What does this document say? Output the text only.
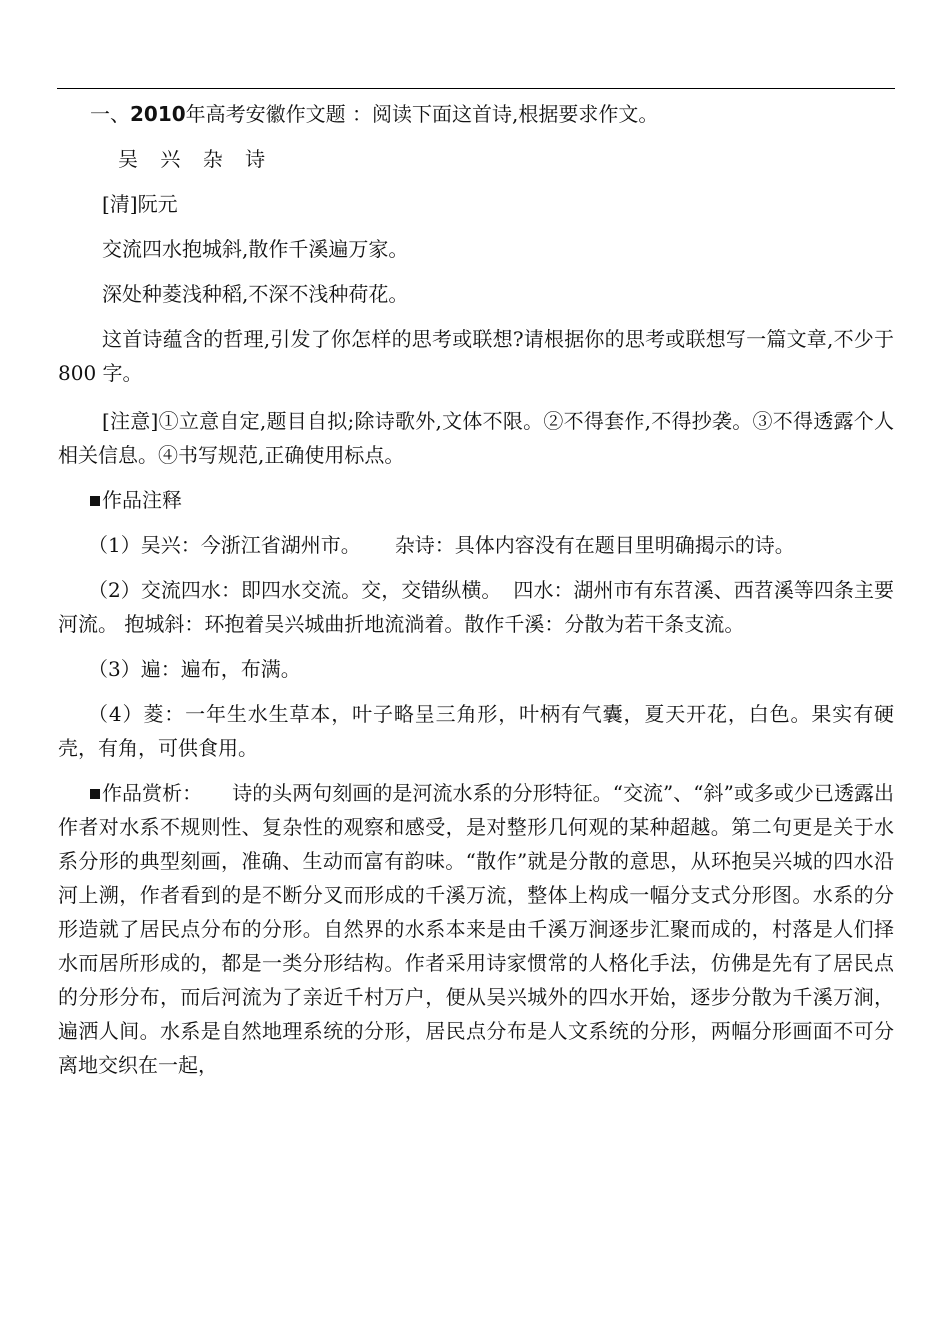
一、2010年高考安徽作文题 ：阅读下面这首诗,根据要求作文。

吴 兴 杂 诗

[清]阮元

交流四水抱城斜,散作千溪遍万家。

深处种菱浅种稻,不深不浅种荷花。

这首诗蕴含的哲理,引发了你怎样的思考或联想?请根据你的思考或联想写一篇文章,不少于 800 字。

[注意]①立意自定,题目自拟;除诗歌外,文体不限。②不得套作,不得抄袭。③不得透露个人相关信息。④书写规范,正确使用标点。

作品注释

（1）吴兴：今浙江省湖州市。 杂诗：具体内容没有在题目里明确揭示的诗。

（2）交流四水：即四水交流。交，交错纵横。 四水：湖州市有东苕溪、西苕溪等四条主要河流。 抱城斜：环抱着吴兴城曲折地流淌着。散作千溪：分散为若干条支流。

（3）遍：遍布，布满。

（4）菱：一年生水生草本，叶子略呈三角形，叶柄有气囊，夏天开花，白色。果实有硬壳，有角，可供食用。

作品赏析： 诗的头两句刻画的是河流水系的分形特征。“交流”、“斜”或多或少已透露出作者对水系不规则性、复杂性的观察和感受，是对整形几何观的某种超越。第二句更是关于水系分形的典型刻画，准确、生动而富有韵味。“散作”就是分散的意思，从环抱吴兴城的四水沿河上溯，作者看到的是不断分叉而形成的千溪万流，整体上构成一幅分支式分形图。水系的分形造就了居民点分布的分形。自然界的水系本来是由千溪万涧逐步汇聚而成的，村落是人们择水而居所形成的，都是一类分形结构。作者采用诗家惯常的人格化手法，仿佛是先有了居民点的分形分布，而后河流为了亲近千村万户，便从吴兴城外的四水开始，逐步分散为千溪万涧，遍洒人间。水系是自然地理系统的分形，居民点分布是人文系统的分形，两幅分形画面不可分离地交织在一起，
